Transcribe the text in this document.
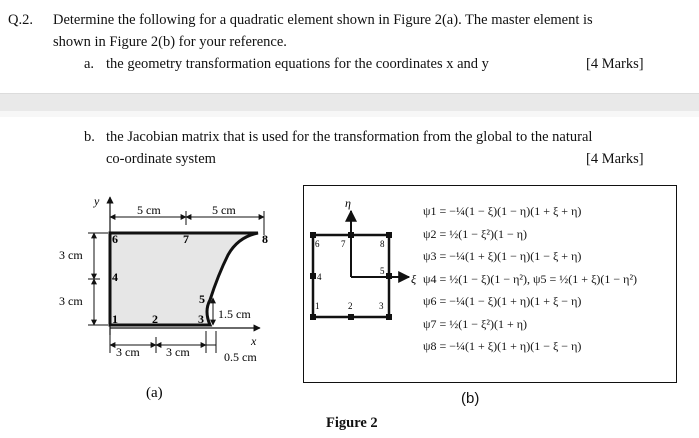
Q.2. Determine the following for a quadratic element shown in Figure 2(a). The master element is
shown in Figure 2(b) for your reference.
a. the geometry transformation equations for the coordinates x and y	[4 Marks]
b. the Jacobian matrix that is used for the transformation from the global to the natural
co-ordinate system	[4 Marks]
y
x
5 cm	5 cm
3 cm
3 cm
3 cm 3 cm	0.5 cm
1.5 cm
1	2	3
4
5
6	7	8
(a)
η
ξ
1	2	3
4
5
6 7	8
ψ1 = −¼(1 − ξ)(1 − η)(1 + ξ + η)
ψ2 = ½(1 − ξ²)(1 − η)
ψ3 = −¼(1 + ξ)(1 − η)(1 − ξ + η)
ψ4 = ½(1 − ξ)(1 − η²), ψ5 = ½(1 + ξ)(1 − η²)
ψ6 = −¼(1 − ξ)(1 + η)(1 + ξ − η)
ψ7 = ½(1 − ξ²)(1 + η)
ψ8 = −¼(1 + ξ)(1 + η)(1 − ξ − η)
(b)
Figure 2
